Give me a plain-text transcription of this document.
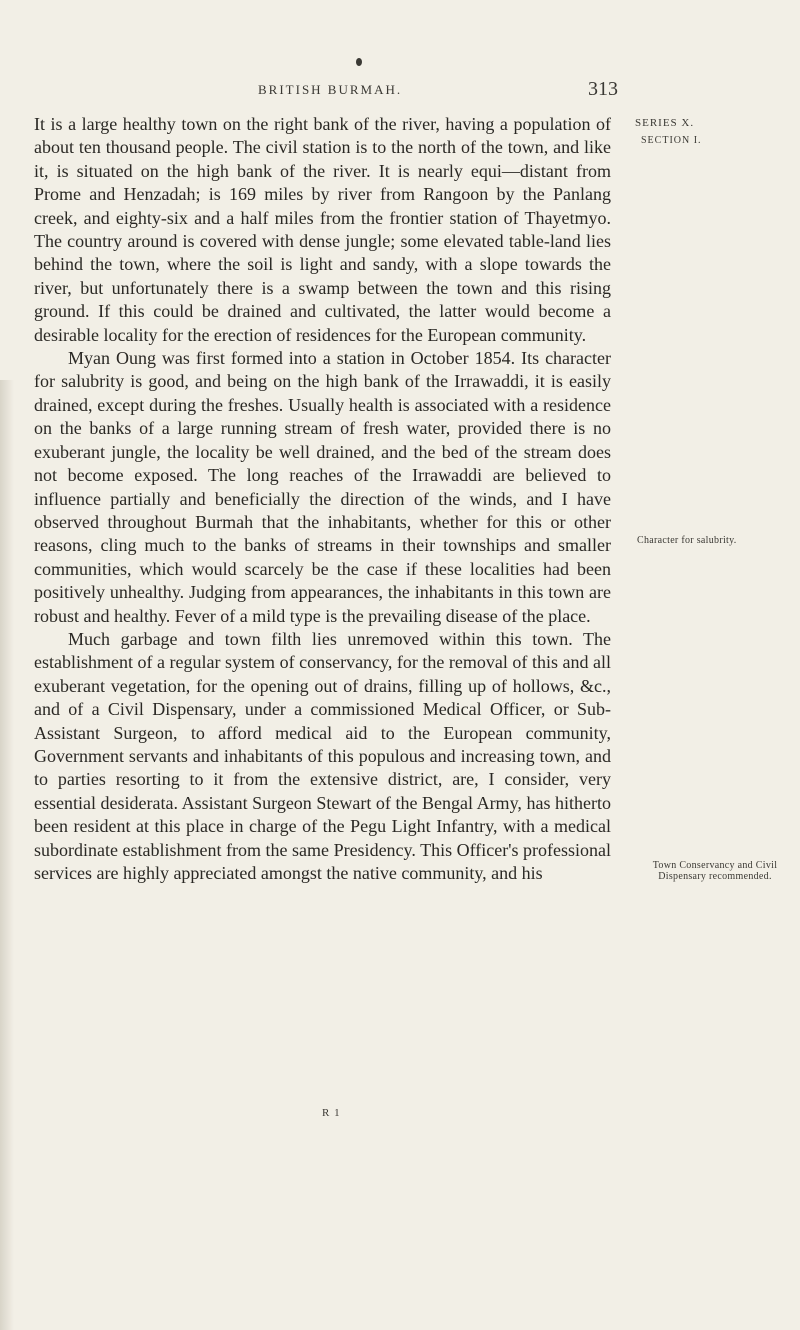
BRITISH BURMAH.	313
SERIES X.
SECTION I.

It is a large healthy town on the right bank of the river, having a population of about ten thousand people. The civil station is to the north of the town, and like it, is situated on the high bank of the river. It is nearly equi—distant from Prome and Henzadah; is 169 miles by river from Rangoon by the Panlang creek, and eighty-six and a half miles from the frontier station of Thayetmyo. The country around is covered with dense jungle; some elevated table-land lies behind the town, where the soil is light and sandy, with a slope towards the river, but unfortunately there is a swamp between the town and this rising ground. If this could be drained and cultivated, the latter would become a desirable locality for the erection of residences for the European community.

Myan Oung was first formed into a station in October 1854. Its character for salubrity is good, and being on the high bank of the Irrawaddi, it is easily drained, except during the freshes. Usually health is associated with a residence on the banks of a large running stream of fresh water, provided there is no exuberant jungle, the locality be well drained, and the bed of the stream does not become exposed. The long reaches of the Irrawaddi are believed to influence partially and beneficially the direction of the winds, and I have observed throughout Burmah that the inhabitants, whether for this or other reasons, cling much to the banks of streams in their townships and smaller communities, which would scarcely be the case if these localities had been positively unhealthy. Judging from appearances, the inhabitants in this town are robust and healthy. Fever of a mild type is the prevailing disease of the place.

Much garbage and town filth lies unremoved within this town. The establishment of a regular system of conservancy, for the removal of this and all exuberant vegetation, for the opening out of drains, filling up of hollows, &c., and of a Civil Dispensary, under a commissioned Medical Officer, or Sub-Assistant Surgeon, to afford medical aid to the European community, Government servants and inhabitants of this populous and increasing town, and to parties resorting to it from the extensive district, are, I consider, very essential desiderata. Assistant Surgeon Stewart of the Bengal Army, has hitherto been resident at this place in charge of the Pegu Light Infantry, with a medical subordinate establishment from the same Presidency. This Officer's professional services are highly appreciated amongst the native community, and his

Character for salubrity.
Town Conservancy and Civil Dispensary recommended.
R 1
